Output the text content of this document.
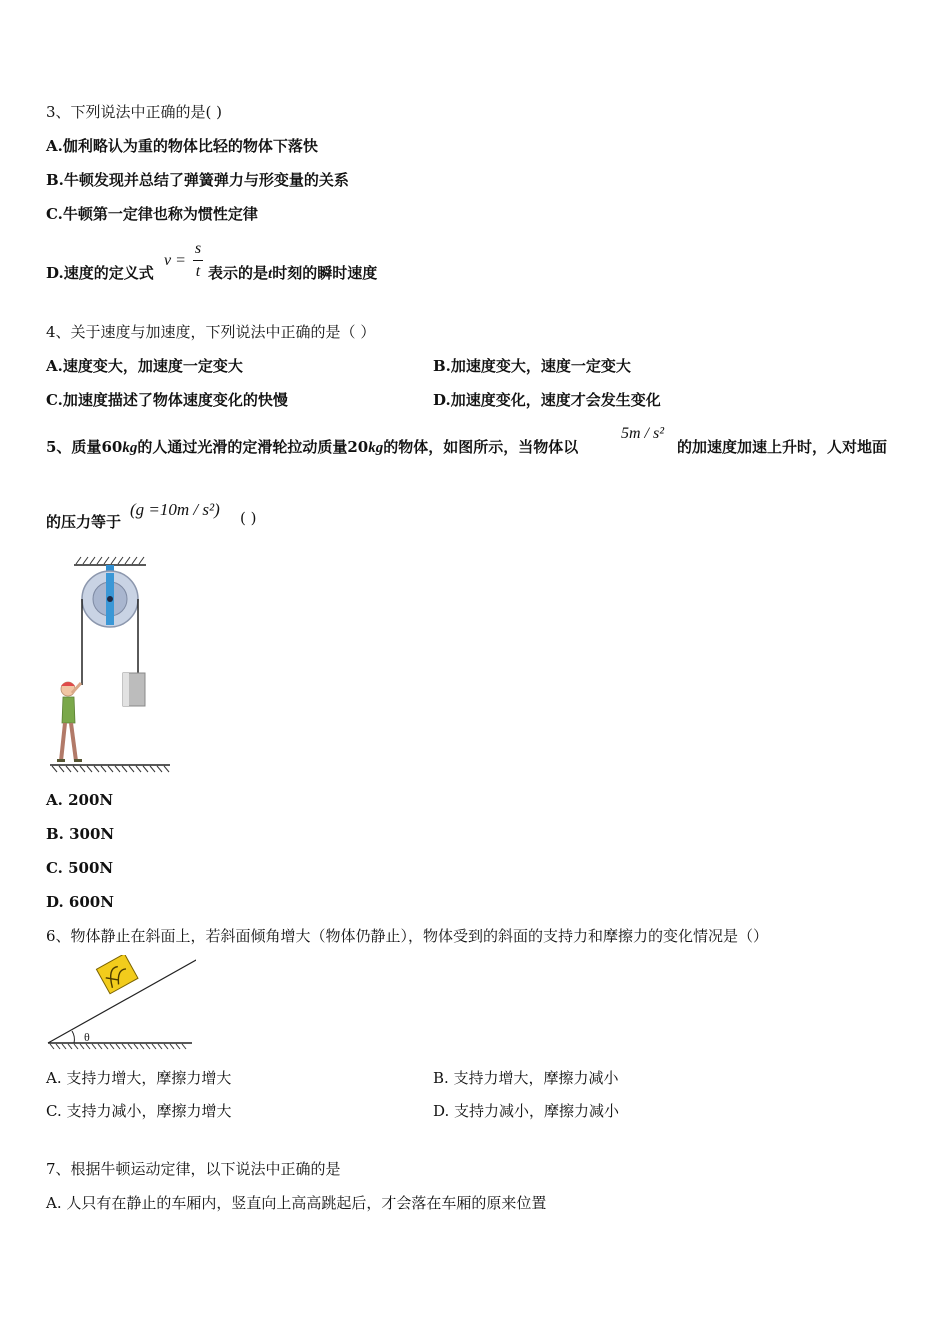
3、下列说法中正确的是( )
A.伽利略认为重的物体比轻的物体下落快
B.牛顿发现并总结了弹簧弹力与形变量的关系
C.牛顿第一定律也称为惯性定律
D.速度的定义式
v =
s
t 表示的是t时刻的瞬时速度
4、关于速度与加速度，下列说法中正确的是（ ）
A.速度变大，加速度一定变大	B.加速度变大，速度一定变大
C.加速度描述了物体速度变化的快慢	D.加速度变化，速度才会发生变化
5、质量60kg的人通过光滑的定滑轮拉动质量20kg的物体，如图所示，当物体以
5m / s²
的加速度加速上升时，人对地面
的压力等于
(g =10m / s²)	( )
A. 200N
B. 300N
C. 500N
D. 600N
6、物体静止在斜面上，若斜面倾角增大（物体仍静止），物体受到的斜面的支持力和摩擦力的变化情况是（）
θ
A. 支持力增大，摩擦力增大	B. 支持力增大，摩擦力减小
C. 支持力减小，摩擦力增大	D. 支持力减小，摩擦力减小
7、根据牛顿运动定律，以下说法中正确的是
A. 人只有在静止的车厢内，竖直向上高高跳起后，才会落在车厢的原来位置
